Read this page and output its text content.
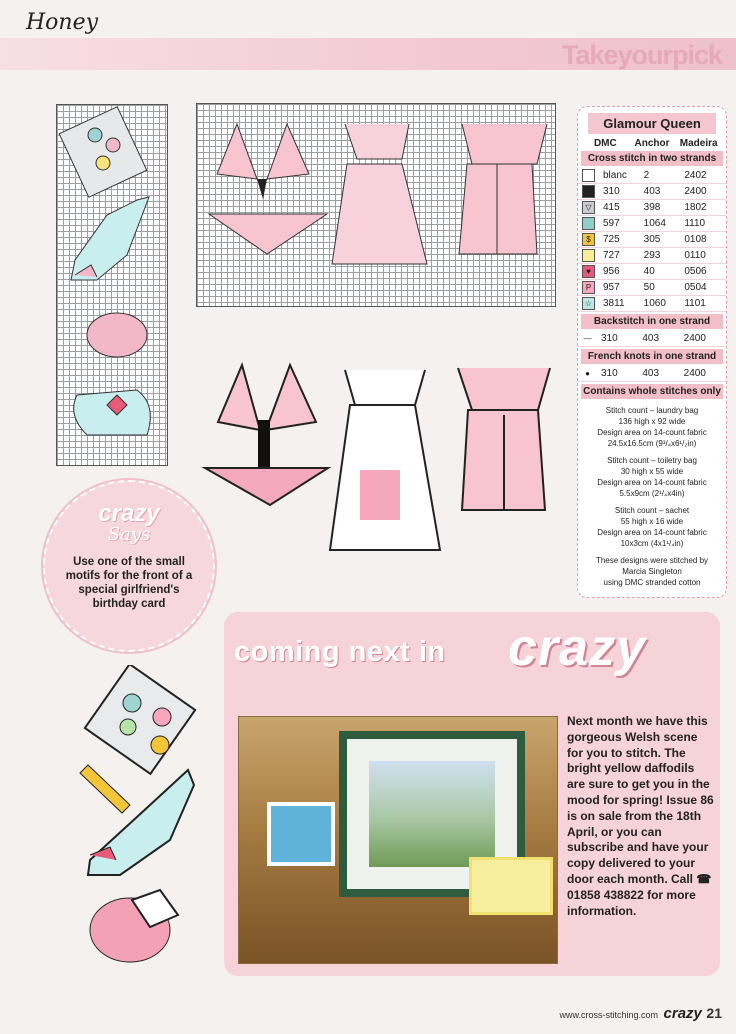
Honey
Takeyourpick
Glamour Queen
DMC	Anchor	Madeira
Cross stitch in two strands
blanc	2	2402
310	403	2400
▽	415	398	1802
597	1064	1110
$	725	305	0108
727	293	0110
♥	956	40	0506
P	957	50	0504
☆	3811	1060	1101
Backstitch in one strand
— 310	403	2400
French knots in one strand
●	310	403	2400
Contains whole stitches only
Stitch count – laundry bag
136 high x 92 wide
Design area on 14-count fabric
24.5x16.5cm (9³/₄x6¹/₂in)
Stitch count – toiletry bag
30 high x 55 wide
Design area on 14-count fabric
5.5x9cm (2¹/₄x4in)
Stitch count – sachet
55 high x 16 wide
Design area on 14-count fabric
10x3cm (4x1¹/₄in)
These designs were stitched by
Marcia Singleton
using DMC stranded cotton
crazy
Says
Use one of the small motifs for the front of a special girlfriend's birthday card
coming next in crazy
Next month we have this gorgeous Welsh scene for you to stitch. The bright yellow daffodils are sure to get you in the mood for spring! Issue 86 is on sale from the 18th April, or you can subscribe and have your copy delivered to your door each month. Call ☎ 01858 438822 for more information.
www.cross-stitching.com crazy 21
